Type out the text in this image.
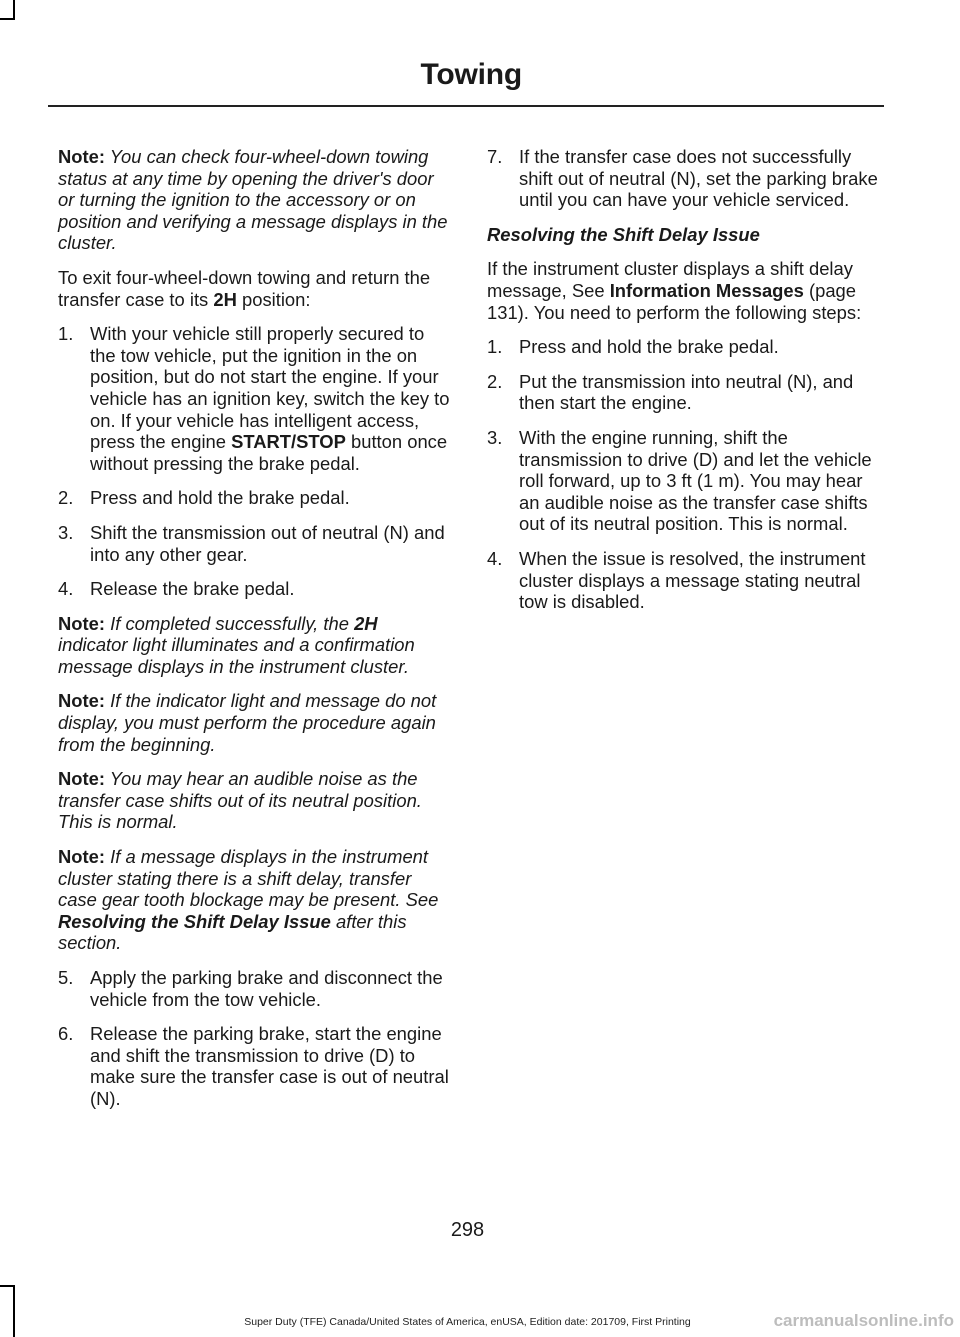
Towing

Note: You can check four-wheel-down towing status at any time by opening the driver's door or turning the ignition to the accessory or on position and verifying a message displays in the cluster.

To exit four-wheel-down towing and return the transfer case to its 2H position:

1. With your vehicle still properly secured to the tow vehicle, put the ignition in the on position, but do not start the engine. If your vehicle has an ignition key, switch the key to on. If your vehicle has intelligent access, press the engine START/STOP button once without pressing the brake pedal.
2. Press and hold the brake pedal.
3. Shift the transmission out of neutral (N) and into any other gear.
4. Release the brake pedal.

Note: If completed successfully, the 2H indicator light illuminates and a confirmation message displays in the instrument cluster.

Note: If the indicator light and message do not display, you must perform the procedure again from the beginning.

Note: You may hear an audible noise as the transfer case shifts out of its neutral position. This is normal.

Note: If a message displays in the instrument cluster stating there is a shift delay, transfer case gear tooth blockage may be present. See Resolving the Shift Delay Issue after this section.

5. Apply the parking brake and disconnect the vehicle from the tow vehicle.
6. Release the parking brake, start the engine and shift the transmission to drive (D) to make sure the transfer case is out of neutral (N).
7. If the transfer case does not successfully shift out of neutral (N), set the parking brake until you can have your vehicle serviced.
Resolving the Shift Delay Issue

If the instrument cluster displays a shift delay message, See Information Messages (page 131). You need to perform the following steps:

1. Press and hold the brake pedal.
2. Put the transmission into neutral (N), and then start the engine.
3. With the engine running, shift the transmission to drive (D) and let the vehicle roll forward, up to 3 ft (1 m). You may hear an audible noise as the transfer case shifts out of its neutral position. This is normal.
4. When the issue is resolved, the instrument cluster displays a message stating neutral tow is disabled.
298
Super Duty (TFE) Canada/United States of America, enUSA, Edition date: 201709, First Printing	carmanualsonline.info
